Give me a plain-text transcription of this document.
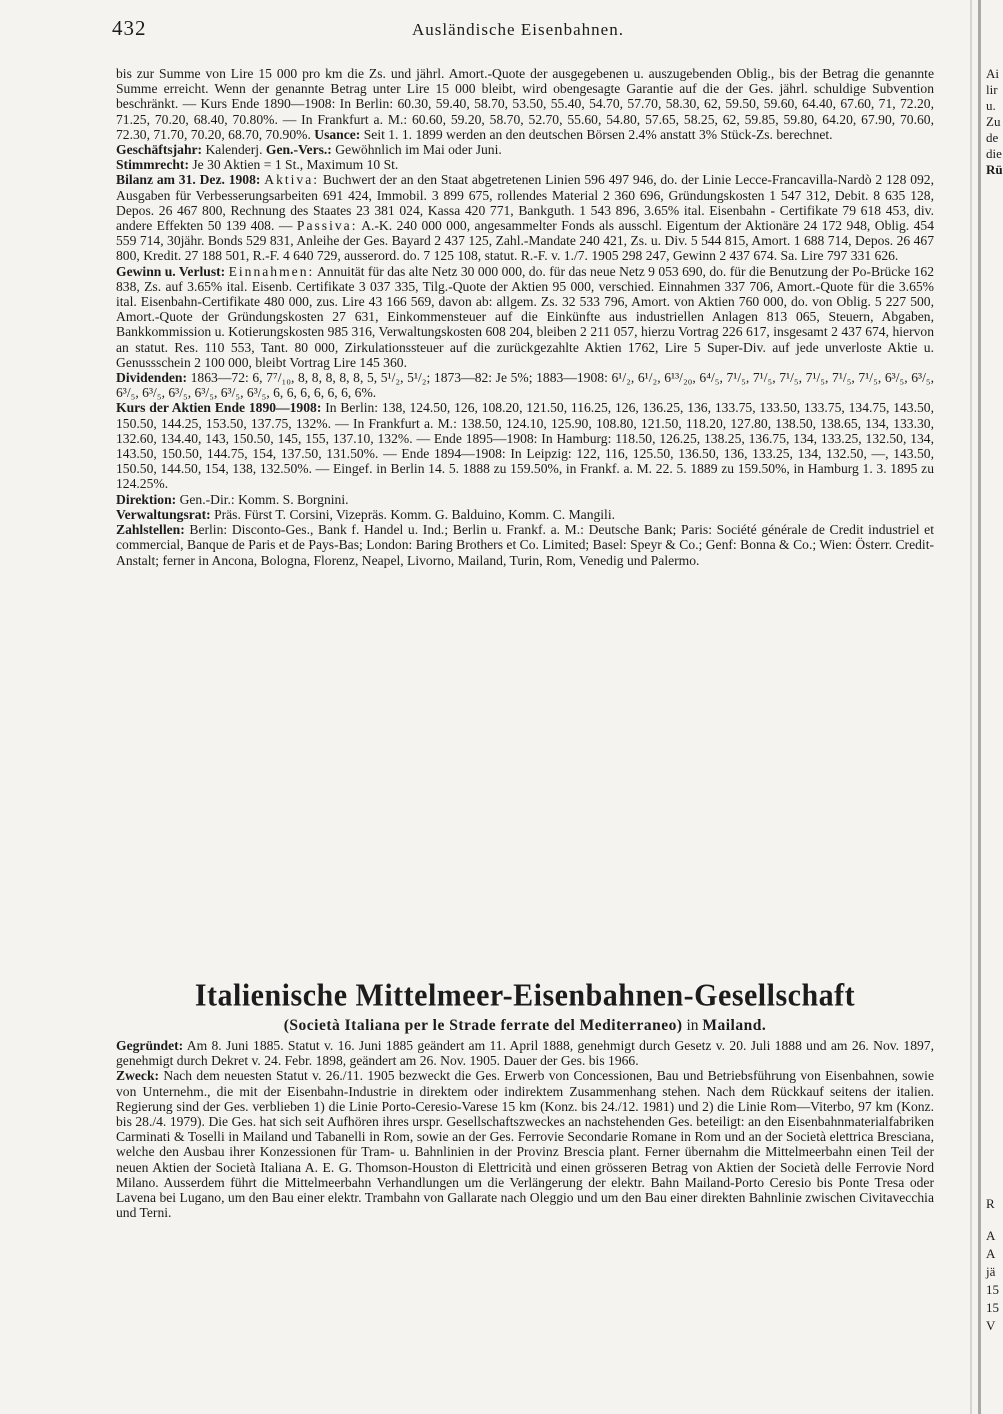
432	Ausländische Eisenbahnen.

bis zur Summe von Lire 15 000 pro km die Zs. und jährl. Amort.-Quote der ausgegebenen u. auszugebenden Oblig., bis der Betrag die genannte Summe erreicht. Wenn der genannte Betrag unter Lire 15 000 bleibt, wird obengesagte Garantie auf die der Ges. jährl. schuldige Subvention beschränkt. — Kurs Ende 1890—1908: In Berlin: 60.30, 59.40, 58.70, 53.50, 55.40, 54.70, 57.70, 58.30, 62, 59.50, 59.60, 64.40, 67.60, 71, 72.20, 71.25, 70.20, 68.40, 70.80%. — In Frankfurt a. M.: 60.60, 59.20, 58.70, 52.70, 55.60, 54.80, 57.65, 58.25, 62, 59.85, 59.80, 64.20, 67.90, 70.60, 72.30, 71.70, 70.20, 68.70, 70.90%. Usance: Seit 1. 1. 1899 werden an den deutschen Börsen 2.4% anstatt 3% Stück-Zs. berechnet.

Geschäftsjahr: Kalenderj. Gen.-Vers.: Gewöhnlich im Mai oder Juni.

Stimmrecht: Je 30 Aktien = 1 St., Maximum 10 St.

Bilanz am 31. Dez. 1908: Aktiva: Buchwert der an den Staat abgetretenen Linien 596 497 946, do. der Linie Lecce-Francavilla-Nardò 2 128 092, Ausgaben für Verbesserungsarbeiten 691 424, Immobil. 3 899 675, rollendes Material 2 360 696, Gründungskosten 1 547 312, Debit. 8 635 128, Depos. 26 467 800, Rechnung des Staates 23 381 024, Kassa 420 771, Bankguth. 1 543 896, 3.65% ital. Eisenbahn - Certifikate 79 618 453, div. andere Effekten 50 139 408. — Passiva: A.-K. 240 000 000, angesammelter Fonds als ausschl. Eigentum der Aktionäre 24 172 948, Oblig. 454 559 714, 30jähr. Bonds 529 831, Anleihe der Ges. Bayard 2 437 125, Zahl.-Mandate 240 421, Zs. u. Div. 5 544 815, Amort. 1 688 714, Depos. 26 467 800, Kredit. 27 188 501, R.-F. 4 640 729, ausserord. do. 7 125 108, statut. R.-F. v. 1./7. 1905 298 247, Gewinn 2 437 674. Sa. Lire 797 331 626.

Gewinn u. Verlust: Einnahmen: Annuität für das alte Netz 30 000 000, do. für das neue Netz 9 053 690, do. für die Benutzung der Po-Brücke 162 838, Zs. auf 3.65% ital. Eisenb. Certifikate 3 037 335, Tilg.-Quote der Aktien 95 000, verschied. Einnahmen 337 706, Amort.-Quote für die 3.65% ital. Eisenbahn-Certifikate 480 000, zus. Lire 43 166 569, davon ab: allgem. Zs. 32 533 796, Amort. von Aktien 760 000, do. von Oblig. 5 227 500, Amort.-Quote der Gründungskosten 27 631, Einkommensteuer auf die Einkünfte aus industriellen Anlagen 813 065, Steuern, Abgaben, Bankkommission u. Kotierungskosten 985 316, Verwaltungskosten 608 204, bleiben 2 211 057, hierzu Vortrag 226 617, insgesamt 2 437 674, hiervon an statut. Res. 110 553, Tant. 80 000, Zirkulationssteuer auf die zurückgezahlte Aktien 1762, Lire 5 Super-Div. auf jede unverloste Aktie u. Genussschein 2 100 000, bleibt Vortrag Lire 145 360.

Dividenden: 1863—72: 6, 7⁷/₁₀, 8, 8, 8, 8, 8, 5, 5¹/₂, 5¹/₂; 1873—82: Je 5%; 1883—1908: 6¹/₂, 6¹/₂, 6¹³/₂₀, 6⁴/₅, 7¹/₅, 7¹/₅, 7¹/₅, 7¹/₅, 7¹/₅, 7¹/₅, 6³/₅, 6³/₅, 6³/₅, 6³/₅, 6³/₅, 6³/₅, 6³/₅, 6³/₅, 6, 6, 6, 6, 6, 6, 6%.

Kurs der Aktien Ende 1890—1908: In Berlin: 138, 124.50, 126, 108.20, 121.50, 116.25, 126, 136.25, 136, 133.75, 133.50, 133.75, 134.75, 143.50, 150.50, 144.25, 153.50, 137.75, 132%. — In Frankfurt a. M.: 138.50, 124.10, 125.90, 108.80, 121.50, 118.20, 127.80, 138.50, 138.65, 134, 133.30, 132.60, 134.40, 143, 150.50, 145, 155, 137.10, 132%. — Ende 1895—1908: In Hamburg: 118.50, 126.25, 138.25, 136.75, 134, 133.25, 132.50, 134, 143.50, 150.50, 144.75, 154, 137.50, 131.50%. — Ende 1894—1908: In Leipzig: 122, 116, 125.50, 136.50, 136, 133.25, 134, 132.50, —, 143.50, 150.50, 144.50, 154, 138, 132.50%. — Eingef. in Berlin 14. 5. 1888 zu 159.50%, in Frankf. a. M. 22. 5. 1889 zu 159.50%, in Hamburg 1. 3. 1895 zu 124.25%.

Direktion: Gen.-Dir.: Komm. S. Borgnini.

Verwaltungsrat: Präs. Fürst T. Corsini, Vizepräs. Komm. G. Balduino, Komm. C. Mangili.

Zahlstellen: Berlin: Disconto-Ges., Bank f. Handel u. Ind.; Berlin u. Frankf. a. M.: Deutsche Bank; Paris: Société générale de Credit industriel et commercial, Banque de Paris et de Pays-Bas; London: Baring Brothers et Co. Limited; Basel: Speyr & Co.; Genf: Bonna & Co.; Wien: Österr. Credit-Anstalt; ferner in Ancona, Bologna, Florenz, Neapel, Livorno, Mailand, Turin, Rom, Venedig und Palermo.

Italienische Mittelmeer-Eisenbahnen-Gesellschaft
(Società Italiana per le Strade ferrate del Mediterraneo) in Mailand.

Gegründet: Am 8. Juni 1885. Statut v. 16. Juni 1885 geändert am 11. April 1888, genehmigt durch Gesetz v. 20. Juli 1888 und am 26. Nov. 1897, genehmigt durch Dekret v. 24. Febr. 1898, geändert am 26. Nov. 1905. Dauer der Ges. bis 1966.

Zweck: Nach dem neuesten Statut v. 26./11. 1905 bezweckt die Ges. Erwerb von Concessionen, Bau und Betriebsführung von Eisenbahnen, sowie von Unternehm., die mit der Eisenbahn-Industrie in direktem oder indirektem Zusammenhang stehen. Nach dem Rückkauf seitens der italien. Regierung sind der Ges. verblieben 1) die Linie Porto-Ceresio-Varese 15 km (Konz. bis 24./12. 1981) und 2) die Linie Rom—Viterbo, 97 km (Konz. bis 28./4. 1979). Die Ges. hat sich seit Aufhören ihres urspr. Gesellschaftszweckes an nachstehenden Ges. beteiligt: an den Eisenbahnmaterialfabriken Carminati & Toselli in Mailand und Tabanelli in Rom, sowie an der Ges. Ferrovie Secondarie Romane in Rom und an der Società elettrica Bresciana, welche den Ausbau ihrer Konzessionen für Tram- u. Bahnlinien in der Provinz Brescia plant. Ferner übernahm die Mittelmeerbahn einen Teil der neuen Aktien der Società Italiana A. E. G. Thomson-Houston di Elettricità und einen grösseren Betrag von Aktien der Società delle Ferrovie Nord Milano. Ausserdem führt die Mittelmeerbahn Verhandlungen um die Verlängerung der elektr. Bahn Mailand-Porto Ceresio bis Ponte Tresa oder Lavena bei Lugano, um den Bau einer elektr. Trambahn von Gallarate nach Oleggio und um den Bau einer direkten Bahnlinie zwischen Civitavecchia und Terni.

Ai
lir
u.
Zu
de
die
Rü
R
A
A
jä
15
15
V
